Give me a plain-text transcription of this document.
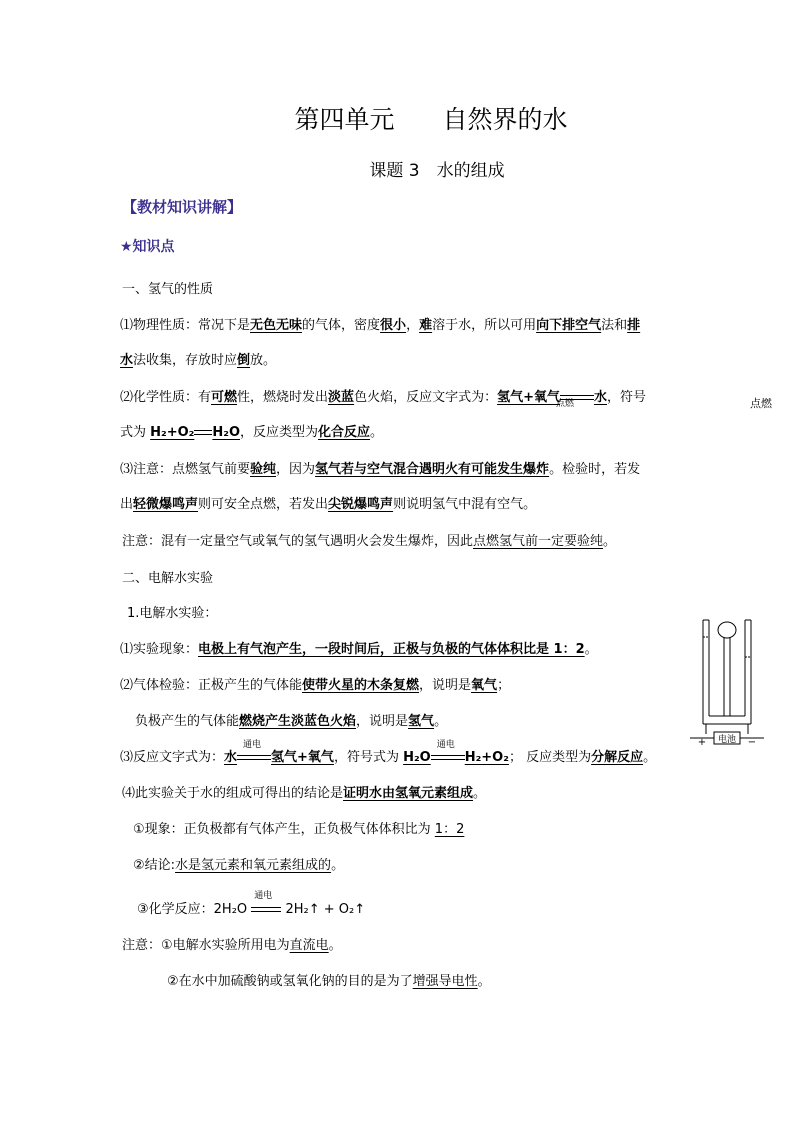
第四单元 自然界的水
课题 3　水的组成
【教材知识讲解】
★知识点
一、氢气的性质
⑴物理性质：常况下是无色无味的气体，密度很小，难溶于水，所以可用向下排空气法和排
水法收集，存放时应倒放。
⑵化学性质：有可燃性，燃烧时发出淡蓝色火焰，反应文字式为：氢气+氧气
点燃 水，符号	点燃
式为 H₂+O₂ H₂O，反应类型为化合反应。
⑶注意：点燃氢气前要验纯，因为氢气若与空气混合遇明火有可能发生爆炸。检验时，若发
出轻微爆鸣声则可安全点燃，若发出尖锐爆鸣声则说明氢气中混有空气。
注意：混有一定量空气或氧气的氢气遇明火会发生爆炸，因此点燃氢气前一定要验纯。
二、电解水实验
1.电解水实验：
⑴实验现象：电极上有气泡产生，一段时间后，正极与负极的气体体积比是 1：2。
⑵气体检验：正极产生的气体能使带火星的木条复燃，说明是氧气；
负极产生的气体能燃烧产生淡蓝色火焰，说明是氢气。
⑶反应文字式为：水
通电
氢气+氧气，符号式为 H₂O
通电
H₂+O₂； 反应类型为分解反应。
⑷此实验关于水的组成可得出的结论是证明水由氢氧元素组成。
①现象：正负极都有气体产生，正负极气体体积比为 1：2
②结论:水是氢元素和氧元素组成的。
③化学反应：2H₂O
通电
2H₂↑ + O₂↑
注意：①电解水实验所用电为直流电。
②在水中加硫酸钠或氢氧化钠的目的是为了增强导电性。
电池
+	−
